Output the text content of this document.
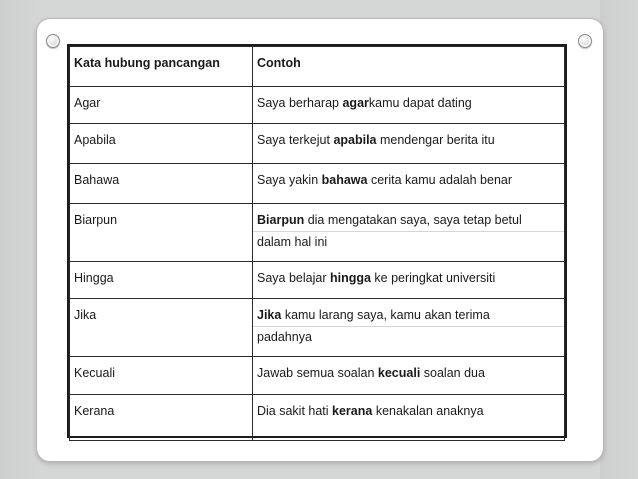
Kata hubung pancangan	Contoh
Agar	Saya berharap agarkamu dapat dating
Apabila	Saya terkejut apabila mendengar berita itu
Bahawa	Saya yakin bahawa cerita kamu adalah benar
Biarpun	Biarpun dia mengatakan saya, saya tetap betul
dalam hal ini

Hingga	Saya belajar hingga ke peringkat universiti
Jika	Jika kamu larang saya, kamu akan terima
padahnya

Kecuali	Jawab semua soalan kecuali soalan dua
Kerana	Dia sakit hati kerana kenakalan anaknya
